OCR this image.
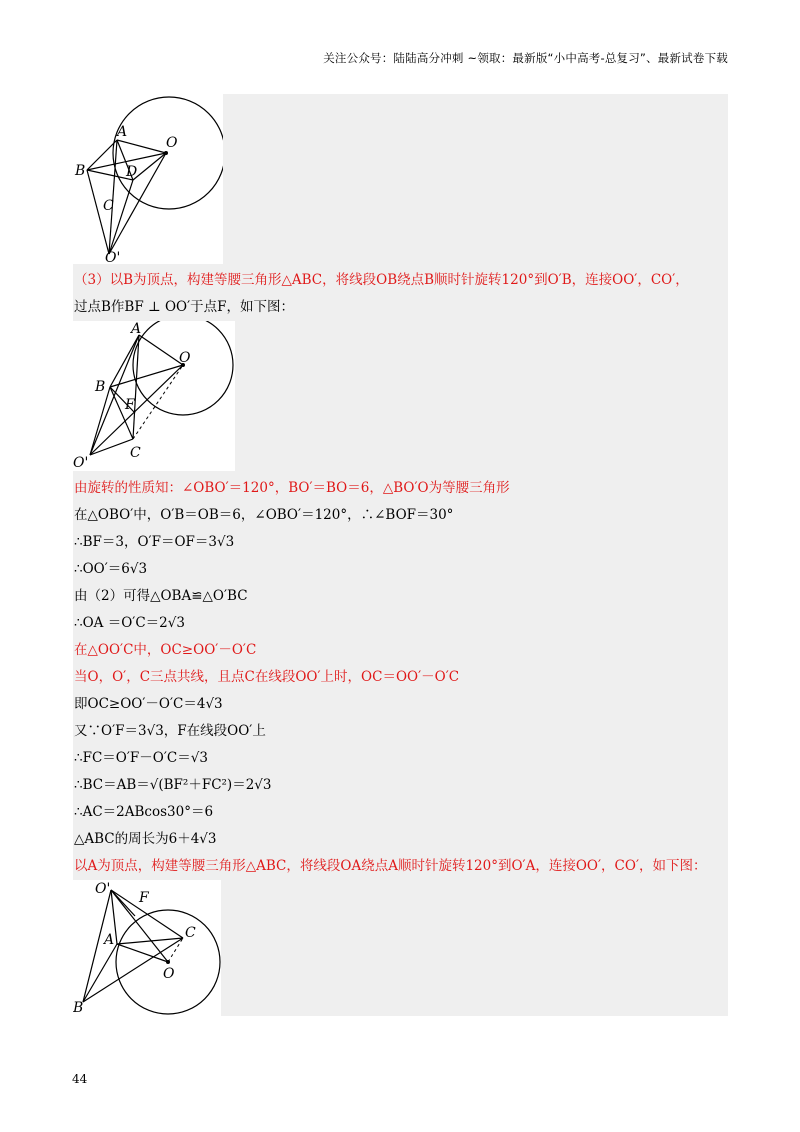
关注公众号：陆陆高分冲刺 ~领取：最新版“小中高考-总复习”、最新试卷下载
A
O
B	D
C
O'
（3）以B为顶点，构建等腰三角形△ABC，将线段OB绕点B顺时针旋转120°到O′B，连接OO′，CO′，
过点B作BF ⊥ OO′于点F，如下图：
A
O
B
F
O'
C
由旋转的性质知：∠OBO′＝120°，BO′＝BO＝6，△BO′O为等腰三角形
在△OBO′中，O′B＝OB＝6，∠OBO′＝120°，∴∠BOF＝30°
∴BF＝3，O′F＝OF＝3√3
∴OO′＝6√3
由（2）可得△OBA≌△O′BC
∴OA ＝O′C＝2√3
在△OO′C中，OC≥OO′－O′C
当O，O′，C三点共线，且点C在线段OO′上时，OC＝OO′－O′C
即OC≥OO′－O′C＝4√3
又∵O′F＝3√3，F在线段OO′上
∴FC＝O′F－O′C＝√3
∴BC＝AB＝√(BF²＋FC²)＝2√3
∴AC＝2ABcos30°＝6
△ABC的周长为6＋4√3
以A为顶点，构建等腰三角形△ABC，将线段OA绕点A顺时针旋转120°到O′A，连接OO′，CO′，如下图：
O'
F
A	C
O
B
44
